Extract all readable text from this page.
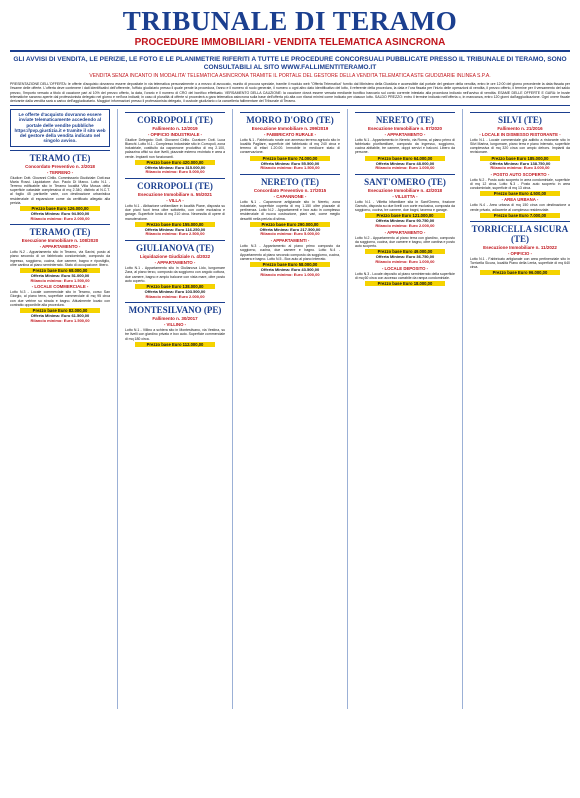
TRIBUNALE DI TERAMO
PROCEDURE IMMOBILIARI - VENDITA TELEMATICA ASINCRONA
GLI AVVISI DI VENDITA, LE PERIZIE, LE FOTO E LE PLANIMETRIE RIFERITI A TUTTE LE PROCEDURE CONCORSUALI PUBBLICATE PRESSO IL TRIBUNALE DI TERAMO, SONO CONSULTABILI AL SITO WWW.FALLIMENTITERAMO.IT
VENDITA SENZA INCANTO IN MODALITA' TELEMATICA ASINCRONA TRAMITE IL PORTALE DEL GESTORE DELLA VENDITA TELEMATICA ASTE GIUDIZIARIE INLINEA S.P.A.
PRESENTAZIONE DELL'OFFERTA: le offerte d'acquisto dovranno essere depositate in via telematica personalmente o a mezzo di avvocato, munito di procura speciale, tramite il modulo web "Offerta Telematica" fornito dal Ministero della Giustizia e accessibile dal portale del gestore della vendita, entro le ore 12:00 del giorno precedente la data fissata per l'esame delle offerte. L'offerta deve contenere i dati identificativi dell'offerente, l'ufficio giudiziario presso il quale pende la procedura, l'anno e il numero di ruolo generale, il numero o ogni altro dato identificativo del lotto, il referente della procedura, la data e l'ora fissata per l'inizio delle operazioni di vendita, il prezzo offerto, il termine per il versamento del saldo prezzo, l'importo versato a titolo di cauzione pari al 10% del prezzo offerto, la data, l'orario e il numero di CRO del bonifico effettuato. VERSAMENTO DELLA CAUZIONE: la cauzione dovrà essere versata mediante bonifico bancario sul conto corrente intestato alla procedura indicato nell'avviso di vendita. ESAME DELLE OFFERTE E GARA: le buste telematiche saranno aperte dal professionista delegato nel giorno e nell'ora indicati; in caso di pluralità di offerte si procederà a gara telematica asincrona sulla base dell'offerta più alta con rilanci minimi come indicato per ciascun lotto. SALDO PREZZO: entro il termine indicato nell'offerta o, in mancanza, entro 120 giorni dall'aggiudicazione. Ogni onere fiscale derivante dalla vendita sarà a carico dell'aggiudicatario. Maggiori informazioni presso il professionista delegato, il custode giudiziario o la cancelleria fallimentare del Tribunale di Teramo.
Le offerte d'acquisto dovranno essere inviate telematicamente accedendo al portale delle vendite pubbliche https://pvp.giustizia.it e tramite il sito web del gestore della vendita indicato nel singolo avviso.
TERAMO (TE)
Concordato Preventivo n. 2/2018
- TERRENO -
Giudice: Dott. Giovanni Cirillo. Commissario Giudiziale: Dott.ssa Maria Rossi. Liquidatore: Avv. Paolo Di Marco. Lotto N.1 - Terreno edificabile sito in Teramo località Villa Mosca della superficie catastale complessiva di mq 2.340, distinto al N.C.T. al foglio 45 particelle varie, con destinazione urbanistica residenziale di espansione come da certificato allegato alla perizia.
Prezzo base Euro 126.000,00
Offerta Minima: Euro 94.500,00
Rilancio minimo: Euro 2.000,00
TERAMO (TE)
Esecuzione Immobiliare n. 108/2020
- APPARTAMENTO -
Lotto N.2 - Appartamento sito in Teramo, via Savini, posto al piano secondo di un fabbricato condominiale, composto da ingresso, soggiorno, cucina, due camere, bagno e ripostiglio, oltre cantina al piano seminterrato. Stato di occupazione: libero.
Prezzo base Euro 68.000,00
Offerta Minima: Euro 51.000,00
Rilancio minimo: Euro 1.500,00
- LOCALE COMMERCIALE -
Lotto N.3 - Locale commerciale sito in Teramo, corso San Giorgio, al piano terra, superficie commerciale di mq 95 circa con due vetrine su strada e bagno. Attualmente locato con contratto opponibile alla procedura.
Prezzo base Euro 82.000,00
Offerta Minima: Euro 61.500,00
Rilancio minimo: Euro 1.500,00
CORROPOLI (TE)
Fallimento n. 12/2019
- OPIFICIO INDUSTRIALE -
Giudice Delegato: Dott. Giovanni Cirillo. Curatore: Dott. Luca Bianchi. Lotto N.1 - Complesso industriale sito in Corropoli, zona industriale, costituito da capannone produttivo di mq 2.100, palazzina uffici su due livelli, piazzale esterno recintato e area a verde. Impianti non funzionanti.
Prezzo base Euro 420.000,00
Offerta Minima: Euro 315.000,00
Rilancio minimo: Euro 5.000,00
CORROPOLI (TE)
Esecuzione Immobiliare n. 55/2021
- VILLA -
Lotto N.1 - Abitazione unifamiliare in località Piane, disposta su due piani fuori terra oltre sottotetto, con corte esclusiva e garage. Superficie lorda di mq 210 circa. Necessita di opere di manutenzione.
Prezzo base Euro 155.000,00
Offerta Minima: Euro 116.250,00
Rilancio minimo: Euro 2.500,00
GIULIANOVA (TE)
Liquidazione Giudiziale n. 4/2022
- APPARTAMENTO -
Lotto N.1 - Appartamento sito in Giulianova Lido, lungomare Zara, al piano terzo, composto da soggiorno con angolo cottura, due camere, bagno e ampio balcone con vista mare, oltre posto auto coperto.
Prezzo base Euro 138.000,00
Offerta Minima: Euro 103.500,00
Rilancio minimo: Euro 2.000,00
MONTESILVANO (PE)
Fallimento n. 30/2017
- VILLINO -
Lotto N.1 - Villino a schiera sito in Montesilvano, via Vestina, su tre livelli con giardino privato e box auto. Superficie commerciale di mq 180 circa.
Prezzo base Euro 112.000,00
MORRO D'ORO (TE)
Esecuzione Immobiliare n. 299/2019
- FABBRICATO RURALE -
Lotto N.1 - Fabbricato rurale con annesso terreno agricolo sito in località Pagliare, superficie del fabbricato di mq 240 circa e terreno di ettari 1.20.00. Immobile in mediocre stato di conservazione.
Prezzo base Euro 74.000,00
Offerta Minima: Euro 55.500,00
Rilancio minimo: Euro 1.500,00
NERETO (TE)
Concordato Preventivo n. 17/2015
- CAPANNONE -
Lotto N.1 - Capannone artigianale sito in Nereto, zona industriale, superficie coperta di mq 1.150 oltre piazzale di pertinenza. Lotto N.2 - Appartamenti e box auto in complesso residenziale di nuova costruzione, piani vari, come meglio descritti nella perizia di stima.
Prezzo base Euro 290.000,00
Offerta Minima: Euro 217.500,00
Rilancio minimo: Euro 5.000,00
- APPARTAMENTI -
Lotto N.3 - Appartamento al piano primo composto da soggiorno, cucina, due camere e bagno. Lotto N.4 - Appartamento al piano secondo composto da soggiorno, cucina, camera e bagno. Lotto N.5 - Box auto al piano interrato.
Prezzo base Euro 58.000,00
Offerta Minima: Euro 43.500,00
Rilancio minimo: Euro 1.000,00
NERETO (TE)
Esecuzione Immobiliare n. 87/2020
- APPARTAMENTO -
Lotto N.1 - Appartamento in Nereto, via Roma, al piano primo di fabbricato plurifamiliare, composto da ingresso, soggiorno, cucina abitabile, tre camere, doppi servizi e balconi. Libero da persone.
Prezzo base Euro 64.000,00
Offerta Minima: Euro 48.000,00
Rilancio minimo: Euro 1.000,00
SANT'OMERO (TE)
Esecuzione Immobiliare n. 42/2018
- VILLETTA -
Lotto N.1 - Villetta bifamiliare sita in Sant'Omero, frazione Garrufo, disposta su due livelli con corte esclusiva, composta da soggiorno, cucina, tre camere, due bagni, taverna e garage.
Prezzo base Euro 121.000,00
Offerta Minima: Euro 90.750,00
Rilancio minimo: Euro 2.000,00
- APPARTAMENTO -
Lotto N.2 - Appartamento al piano terra con giardino, composto da soggiorno, cucina, due camere e bagno, oltre cantina e posto auto scoperto.
Prezzo base Euro 49.000,00
Offerta Minima: Euro 36.750,00
Rilancio minimo: Euro 1.000,00
- LOCALE DEPOSITO -
Lotto N.3 - Locale deposito al piano seminterrato della superficie di mq 60 circa con accesso carrabile da rampa condominiale.
Prezzo base Euro 18.000,00
SILVI (TE)
Fallimento n. 21/2016
- LOCALE IN DISMESSO RISTORANTE -
Lotto N.1 - Locale commerciale già adibito a ristorante sito in Silvi Marina, lungomare, piano terra e piano interrato, superficie complessiva di mq 320 circa con ampio dehors. Impianti da revisionare.
Prezzo base Euro 185.000,00
Offerta Minima: Euro 138.750,00
Rilancio minimo: Euro 3.000,00
- POSTO AUTO SCOPERTO -
Lotto N.2 - Posto auto scoperto in area condominiale, superficie di mq 12 circa. Lotto N.3 - Posto auto scoperto in area condominiale, superficie di mq 13 circa.
Prezzo base Euro 4.500,00
- AREA URBANA -
Lotto N.4 - Area urbana di mq 150 circa con destinazione a verde privato, adiacente al complesso residenziale.
Prezzo base Euro 7.000,00
TORRICELLA SICURA (TE)
Esecuzione Immobiliare n. 11/2022
- OPIFICIO -
Lotto N.1 - Fabbricato artigianale con area pertinenziale sito in Torricella Sicura, località Piano della Lenta, superficie di mq 640 circa.
Prezzo base Euro 96.000,00
